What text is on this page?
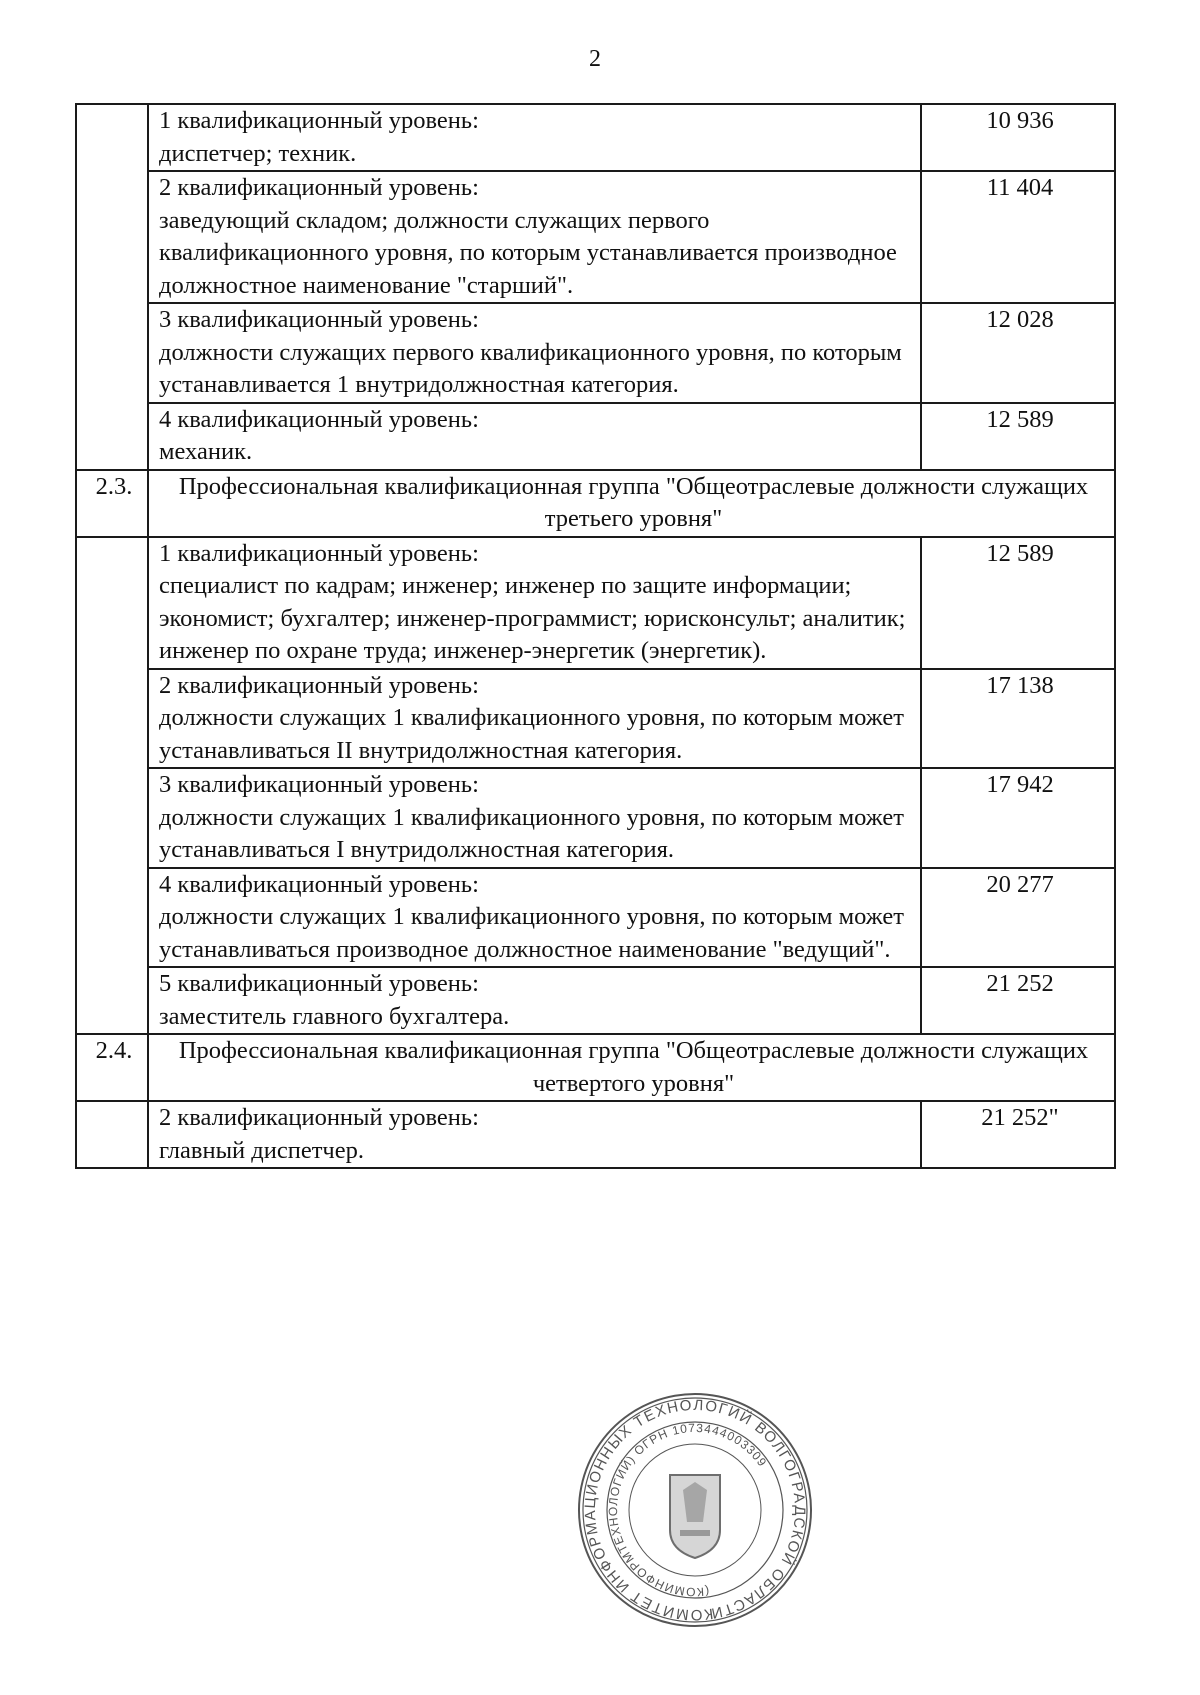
2

	1 квалификационный уровень:
диспетчер; техник.	10 936

	2 квалификационный уровень:
заведующий складом; должности служащих первого квалификационного уровня, по которым устанавливается производное должностное наименование "старший".	11 404

	3 квалификационный уровень:
должности служащих первого квалификационного уровня, по которым устанавливается 1 внутридолжностная категория.	12 028

	4 квалификационный уровень:
механик.	12 589
2.3.	Профессиональная квалификационная группа "Общеотраслевые должности служащих третьего уровня"	

	1 квалификационный уровень:
специалист по кадрам; инженер; инженер по защите информации; экономист; бухгалтер; инженер-программист; юрисконсульт; аналитик; инженер по охране труда; инженер-энергетик (энергетик).	12 589

	2 квалификационный уровень:
должности служащих 1 квалификационного уровня, по которым может устанавливаться II внутридолжностная категория.	17 138

	3 квалификационный уровень:
должности служащих 1 квалификационного уровня, по которым может устанавливаться I внутридолжностная категория.	17 942

	4 квалификационный уровень:
должности служащих 1 квалификационного уровня, по которым может устанавливаться производное должностное наименование "ведущий".	20 277

	5 квалификационный уровень:
заместитель главного бухгалтера.	21 252
2.4.	Профессиональная квалификационная группа "Общеотраслевые должности служащих четвертого уровня"	

	2 квалификационный уровень:
главный диспетчер.	21 252"
КОМИТЕТ ИНФОРМАЦИОННЫХ ТЕХНОЛОГИЙ ВОЛГОГРАДСКОЙ ОБЛАСТИ
(КОМИНФОРМТЕХНОЛОГИЙ) ОГРН 1073444003309
